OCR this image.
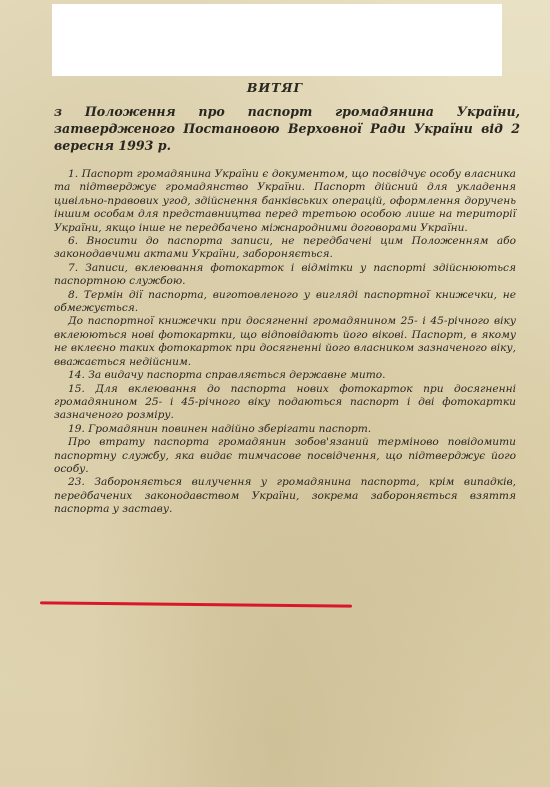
ВИТЯГ

з Положення про паспорт громадянина України, затвердженого Постановою Верховної Ради України від 2 вересня 1993 р.

1. Паспорт громадянина України є документом, що посвідчує особу власника та підтверджує громадянство України. Паспорт дійсний для укладення цивільно-правових угод, здійснення банківських операцій, оформлення доручень іншим особам для представництва перед третьою особою лише на території України, якщо інше не передбачено міжнародними договорами України.

6. Вносити до паспорта записи, не передбачені цим Положенням або законодавчими актами України, забороняється.

7. Записи, вклеювання фотокарток і відмітки у паспорті здійснюються паспортною службою.

8. Термін дії паспорта, виготовленого у вигляді паспортної книжечки, не обмежується.

До паспортної книжечки при досягненні громадянином 25- і 45-річного віку вклеюються нові фотокартки, що відповідають його вікові. Паспорт, в якому не вклеєно таких фотокарток при досягненні його власником зазначеного віку, вважається недійсним.

14. За видачу паспорта справляється державне мито.

15. Для вклеювання до паспорта нових фотокарток при досягненні громадянином 25- і 45-річного віку подаються паспорт і дві фотокартки зазначеного розміру.

19. Громадянин повинен надійно зберігати паспорт.

Про втрату паспорта громадянин зобов'язаний терміново повідомити паспортну службу, яка видає тимчасове посвідчення, що підтверджує його особу.

23. Забороняється вилучення у громадянина паспорта, крім випадків, передбачених законодавством України, зокрема забороняється взяття паспорта у заставу.
